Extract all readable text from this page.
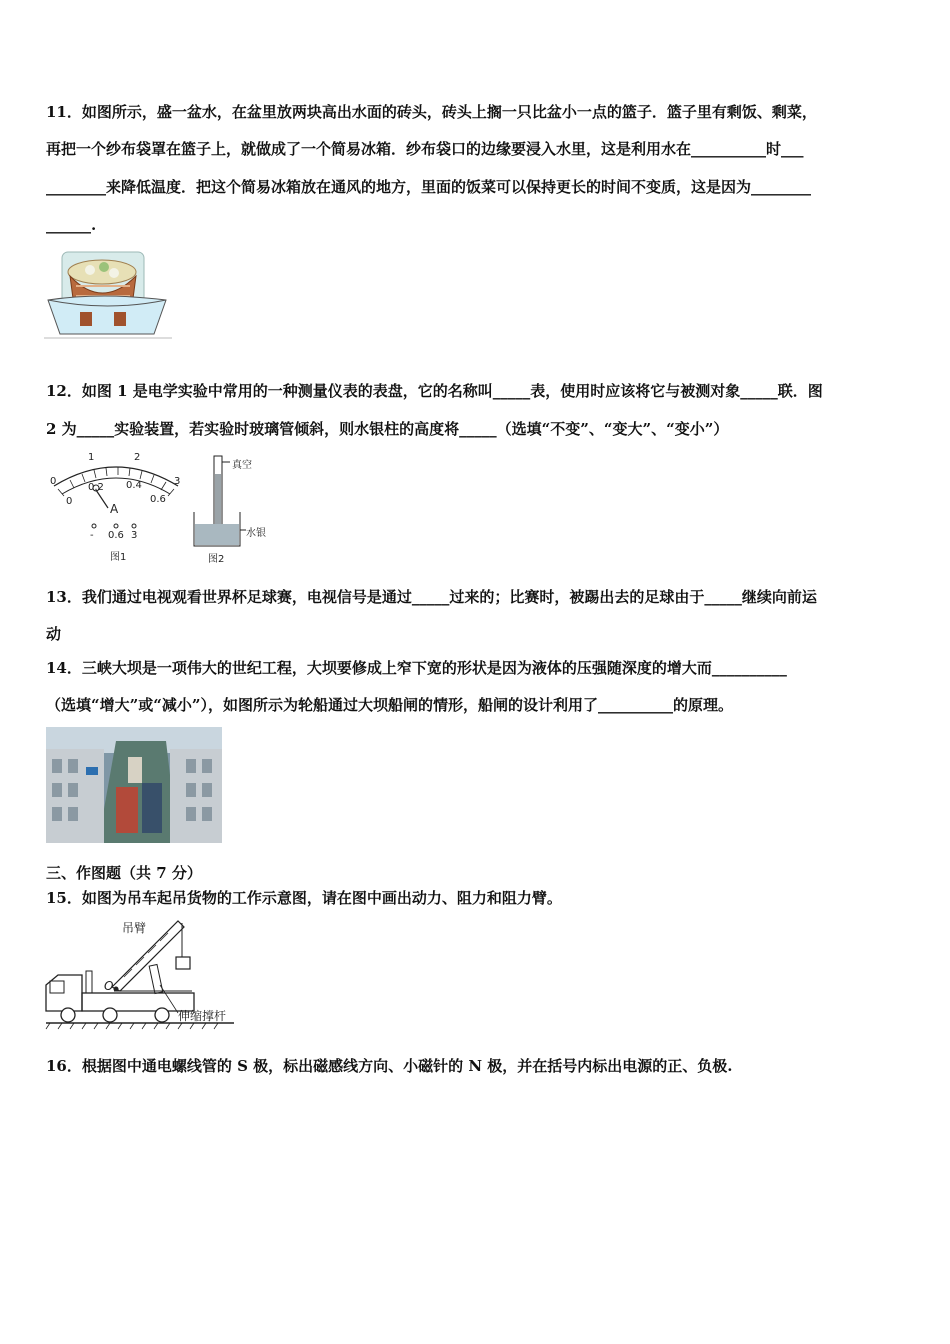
11．如图所示，盛一盆水，在盆里放两块高出水面的砖头，砖头上搁一只比盆小一点的篮子．篮子里有剩饭、剩菜，
再把一个纱布袋罩在篮子上，就做成了一个简易冰箱．纱布袋口的边缘要浸入水里，这是利用水在__________时___
________来降低温度．把这个简易冰箱放在通风的地方，里面的饭菜可以保持更长的时间不变质，这是因为________
______.
12．如图 1 是电学实验中常用的一种测量仪表的表盘，它的名称叫_____表，使用时应该将它与被测对象_____联．图
2 为_____实验装置，若实验时玻璃管倾斜，则水银柱的高度将_____（选填“不变”、“变大”、“变小”）
0
1	2
3
0
0.2 0.4
0.6
A
- 0.6 3
图1
真空
水银
图2
13．我们通过电视观看世界杯足球赛，电视信号是通过_____过来的；比赛时，被踢出去的足球由于_____继续向前运
动
14．三峡大坝是一项伟大的世纪工程，大坝要修成上窄下宽的形状是因为液体的压强随深度的增大而__________
（选填“增大”或“减小”），如图所示为轮船通过大坝船闸的情形，船闸的设计利用了__________的原理。
三、作图题（共 7 分）
15．如图为吊车起吊货物的工作示意图，请在图中画出动力、阻力和阻力臂。
吊臂
O
伸缩撑杆
16．根据图中通电螺线管的 S 极，标出磁感线方向、小磁针的 N 极，并在括号内标出电源的正、负极.
